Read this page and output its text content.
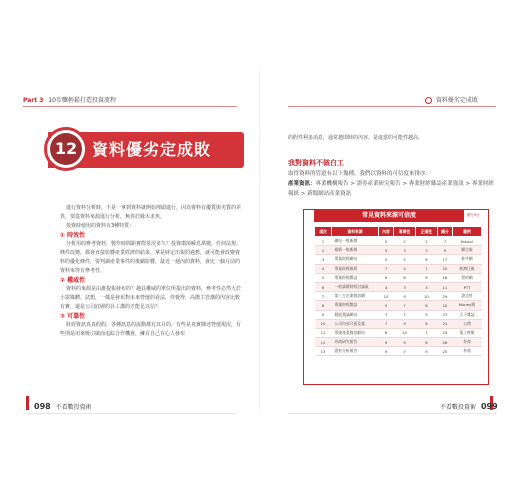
Part 3 10步驟輕鬆打造投資流程	資料優劣定成敗
12 資料優劣定成敗

進行資料分析時，不是一拿到資料就開始埋頭進行，因為資料有優質與劣質的差異，要從資料來源進行分析，無異於緣木求魚。

投資時使用的資料有3種特質：

① 時效性

分析用的參考資料，製作時間距實際常況多久？投資環境瞬息萬變，任何法規、條件改變，都會直接影響產業經濟的結果，拿是時定出報的過舊，就可能會改變資料的優化條件，要判讀產業事件的後續影響，最近一週內的資料，會比一個月前的資料來得有參考性。

② 權威性

資料的來源是由誰提報發布的？越具權威的單位所提出的資料，參考性必然大於小眾媒體、試想，一樣是發布對未來營運的看法，你覺得，高階主管講的內容比較有實，還是公司底層的員工講的才能足以信？

③ 可靠性

財經資訊真真假假，各種訊息的流動都有其目的，有些是真實陳述營運現況，有些則是用來吸引廣商追踪合作機會，擁有自己有心人發布

的假性利多消息，通常越即時的內容，是進當的可能性越高。

我對資料不做白工

取得資料的管道有以下幾種，我們以資料的可信度來排序：

產業資訊：專業機構報告 > 證券產業研究報告 > 專業財經雜誌產業資訊 > 專業財經報紙 > 新聞網站產業資訊

常見資料來源可信度	總分5分
項次	資料來源	內容	專業性	正確性	總分	範例
1	網站一般新聞	5	2	2	7	Yahoo!
2	報紙一般新聞	5	3	3	9	聯合報
3	專業財經網站	5	5	6	17	鉅亨網
4	專業財經報紙	7	4	7	20	經濟日報
5	專業財經雜誌	6	6	6	18	智財網
6	一般論壇財經討論區	4	3	3	11	PTT
7	第三方企業資訊網	10	9	10	29	證交所
8	專業財經雜誌	5	7	8	20	Money錢
9	個股築論網站	7	7	9	23	天下雜誌
10	公司內部介面及報	7	9	8	24	公開
11	專業產業資訊網站	8	10	7	25	電子時報
12	券商研究報告	9	9	8	26	券商
13	證券分析報告	9	7	9	25	券商
098 不看數投資術	不看數投資術 099
